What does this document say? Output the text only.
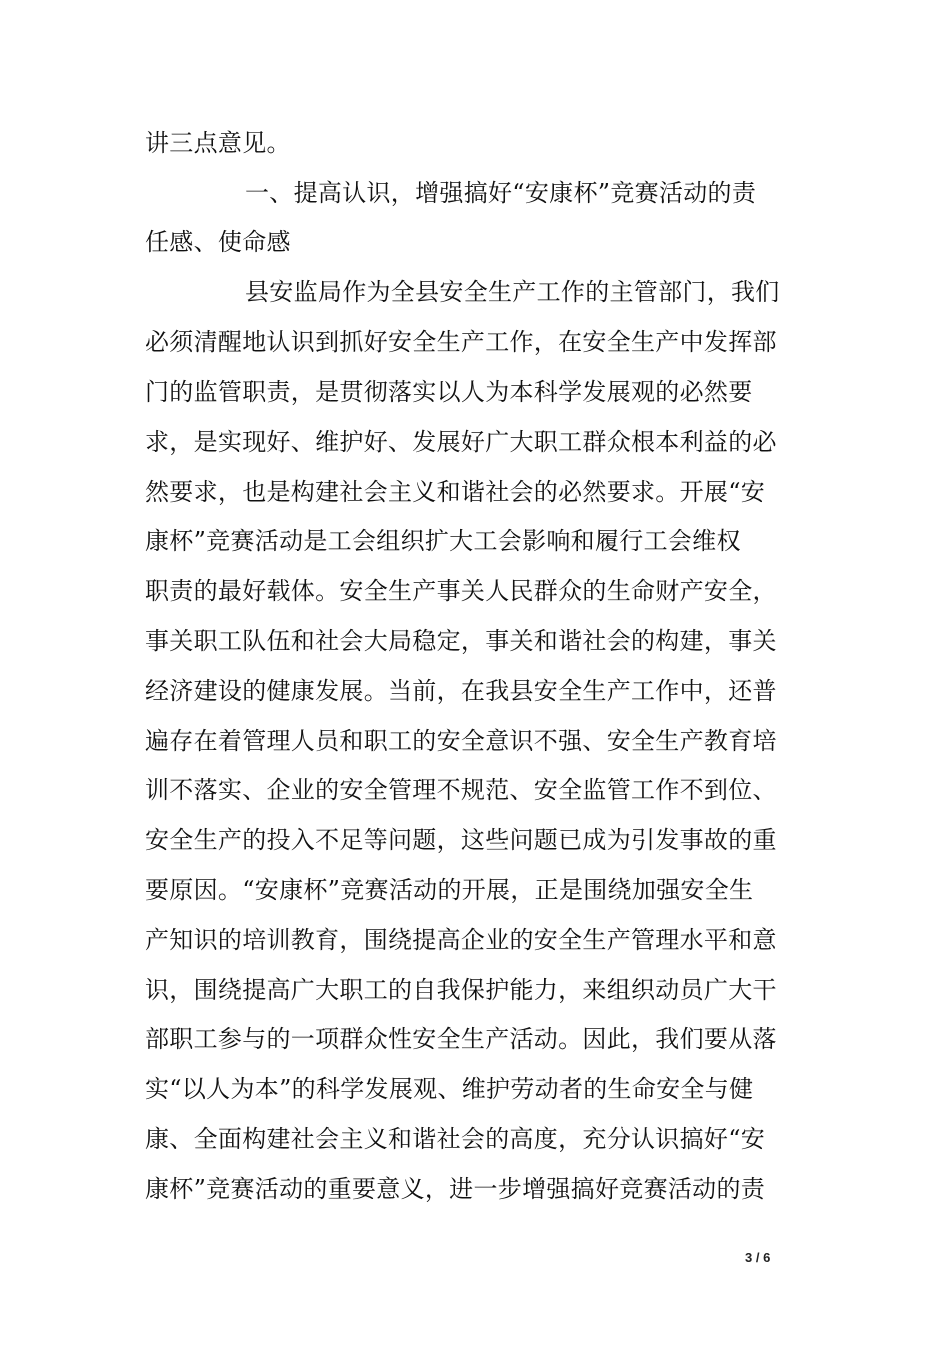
讲三点意见。
一、提高认识，增强搞好“安康杯”竞赛活动的责
任感、使命感
县安监局作为全县安全生产工作的主管部门，我们
必须清醒地认识到抓好安全生产工作，在安全生产中发挥部
门的监管职责，是贯彻落实以人为本科学发展观的必然要
求，是实现好、维护好、发展好广大职工群众根本利益的必
然要求，也是构建社会主义和谐社会的必然要求。开展“安
康杯”竞赛活动是工会组织扩大工会影响和履行工会维权
职责的最好载体。安全生产事关人民群众的生命财产安全，
事关职工队伍和社会大局稳定，事关和谐社会的构建，事关
经济建设的健康发展。当前，在我县安全生产工作中，还普
遍存在着管理人员和职工的安全意识不强、安全生产教育培
训不落实、企业的安全管理不规范、安全监管工作不到位、
安全生产的投入不足等问题，这些问题已成为引发事故的重
要原因。“安康杯”竞赛活动的开展，正是围绕加强安全生
产知识的培训教育，围绕提高企业的安全生产管理水平和意
识，围绕提高广大职工的自我保护能力，来组织动员广大干
部职工参与的一项群众性安全生产活动。因此，我们要从落
实“以人为本”的科学发展观、维护劳动者的生命安全与健
康、全面构建社会主义和谐社会的高度，充分认识搞好“安
康杯”竞赛活动的重要意义，进一步增强搞好竞赛活动的责
3 / 6
